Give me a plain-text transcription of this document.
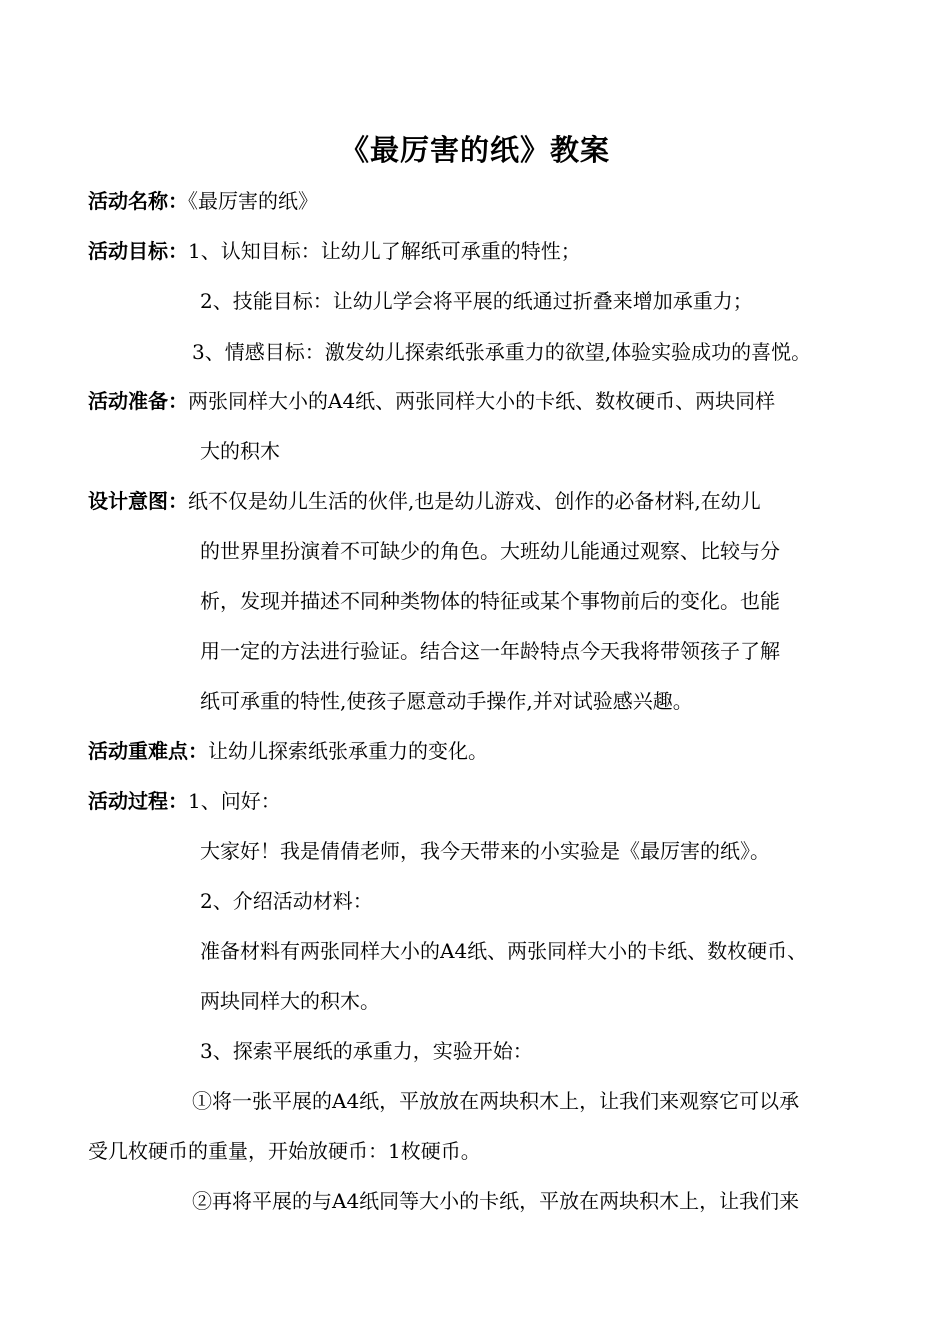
《最厉害的纸》教案
活动名称：《最厉害的纸》
活动目标：1、认知目标：让幼儿了解纸可承重的特性；
2、技能目标：让幼儿学会将平展的纸通过折叠来增加承重力；
3、情感目标：激发幼儿探索纸张承重力的欲望,体验实验成功的喜悦。
活动准备：两张同样大小的A4纸、两张同样大小的卡纸、数枚硬币、两块同样
大的积木
设计意图：纸不仅是幼儿生活的伙伴,也是幼儿游戏、创作的必备材料,在幼儿
的世界里扮演着不可缺少的角色。大班幼儿能通过观察、比较与分
析，发现并描述不同种类物体的特征或某个事物前后的变化。也能
用一定的方法进行验证。结合这一年龄特点今天我将带领孩子了解
纸可承重的特性,使孩子愿意动手操作,并对试验感兴趣。
活动重难点：让幼儿探索纸张承重力的变化。
活动过程：1、问好：
大家好！我是倩倩老师，我今天带来的小实验是《最厉害的纸》。
2、介绍活动材料：
准备材料有两张同样大小的A4纸、两张同样大小的卡纸、数枚硬币、
两块同样大的积木。
3、探索平展纸的承重力，实验开始：
①将一张平展的A4纸，平放放在两块积木上，让我们来观察它可以承
受几枚硬币的重量，开始放硬币：1枚硬币。
②再将平展的与A4纸同等大小的卡纸，平放在两块积木上，让我们来
